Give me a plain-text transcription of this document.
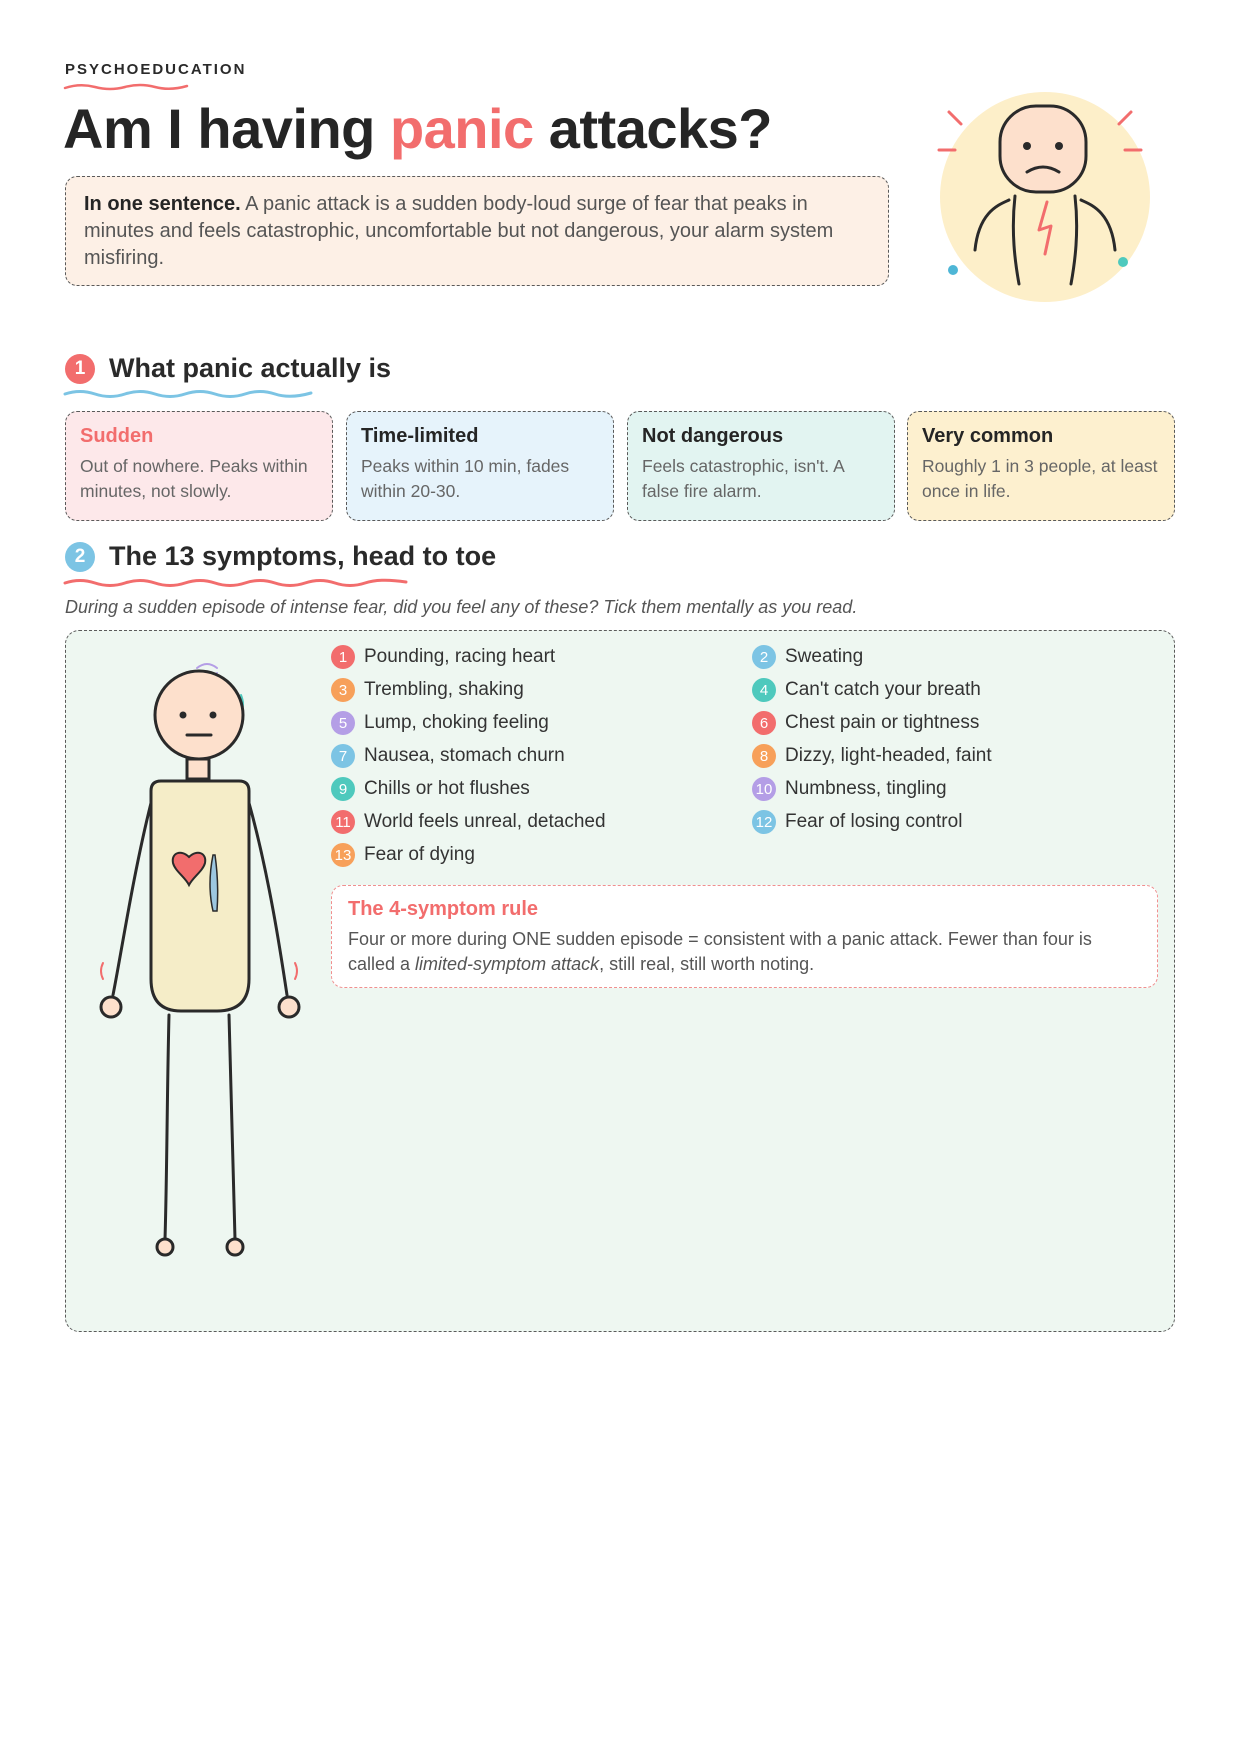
PSYCHOEDUCATION
Am I having panic attacks?
In one sentence. A panic attack is a sudden body-loud surge of fear that peaks in minutes and feels catastrophic, uncomfortable but not dangerous, your alarm system misfiring.
1 What panic actually is
Sudden
Out of nowhere. Peaks within minutes, not slowly.
Time-limited
Peaks within 10 min, fades within 20-30.
Not dangerous
Feels catastrophic, isn't. A false fire alarm.
Very common
Roughly 1 in 3 people, at least once in life.
2 The 13 symptoms, head to toe
During a sudden episode of intense fear, did you feel any of these? Tick them mentally as you read.
1 Pounding, racing heart	2 Sweating
3 Trembling, shaking	4 Can't catch your breath
5 Lump, choking feeling	6 Chest pain or tightness
7 Nausea, stomach churn	8 Dizzy, light-headed, faint
9 Chills or hot flushes	10 Numbness, tingling
11 World feels unreal, detached	12 Fear of losing control
13 Fear of dying
The 4-symptom rule
Four or more during ONE sudden episode = consistent with a panic attack. Fewer than four is called a limited-symptom attack, still real, still worth noting.
